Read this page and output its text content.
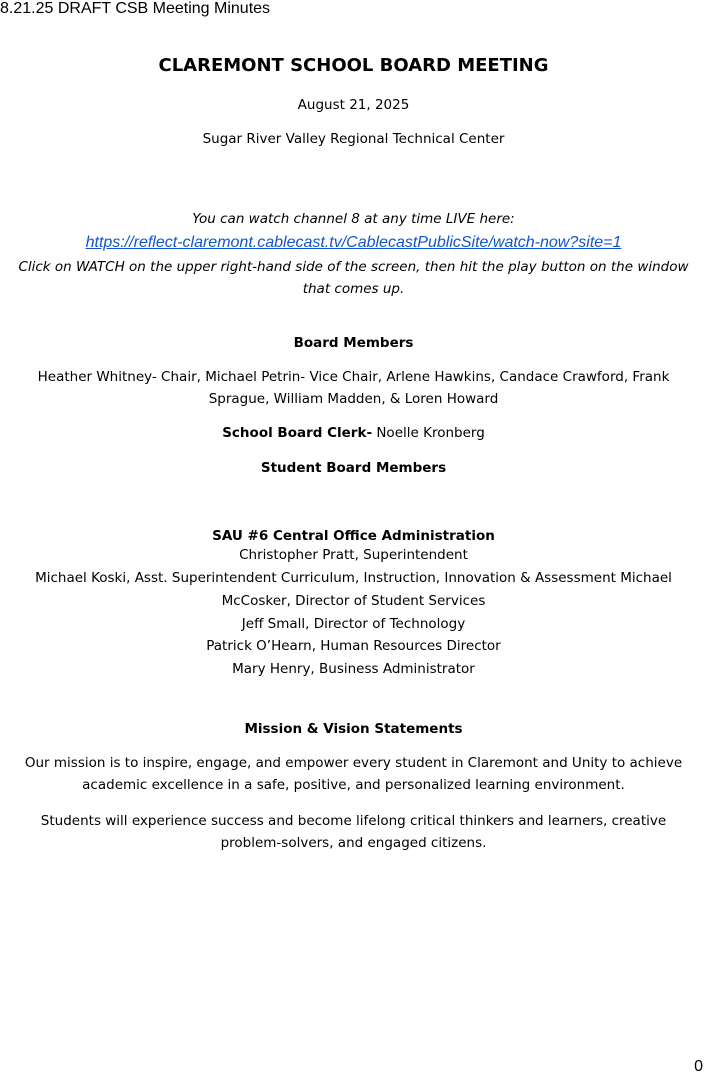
8.21.25 DRAFT CSB Meeting Minutes
CLAREMONT SCHOOL BOARD MEETING
August 21, 2025
Sugar River Valley Regional Technical Center
You can watch channel 8 at any time LIVE here:
https://reflect-claremont.cablecast.tv/CablecastPublicSite/watch-now?site=1
Click on WATCH on the upper right-hand side of the screen, then hit the play button on the window that comes up.
Board Members
Heather Whitney- Chair, Michael Petrin- Vice Chair, Arlene Hawkins, Candace Crawford, Frank Sprague, William Madden, & Loren Howard
School Board Clerk- Noelle Kronberg
Student Board Members
SAU #6 Central Office Administration
Christopher Pratt, Superintendent
Michael Koski, Asst. Superintendent Curriculum, Instruction, Innovation & Assessment Michael
McCosker, Director of Student Services
Jeff Small, Director of Technology
Patrick O’Hearn, Human Resources Director
Mary Henry, Business Administrator
Mission & Vision Statements
Our mission is to inspire, engage, and empower every student in Claremont and Unity to achieve academic excellence in a safe, positive, and personalized learning environment.
Students will experience success and become lifelong critical thinkers and learners, creative problem-solvers, and engaged citizens.
0
